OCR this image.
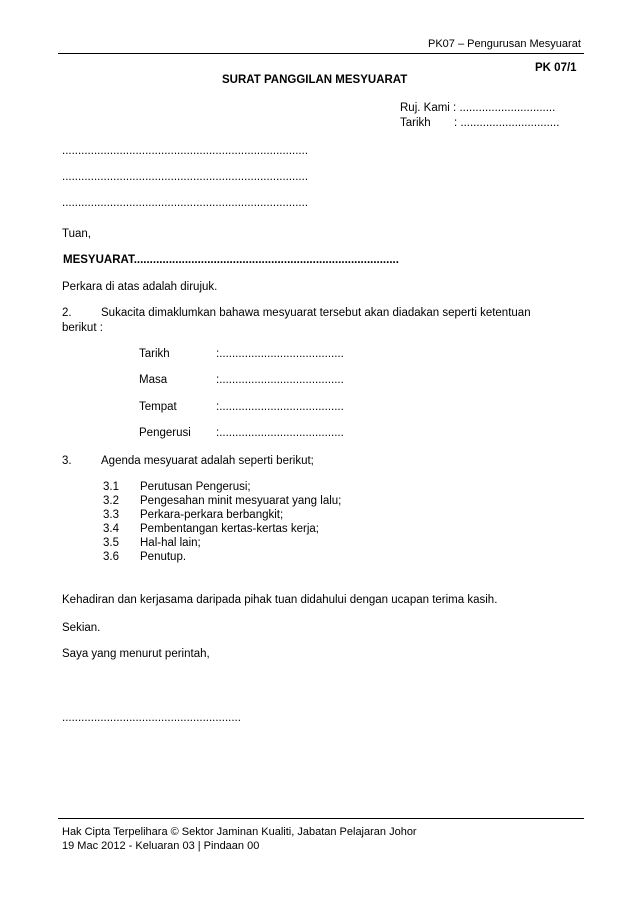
PK07 – Pengurusan Mesyuarat
PK 07/1
SURAT PANGGILAN MESYUARAT
Ruj. Kami : ..............................
Tarikh : ...............................
.............................................................................
.............................................................................
.............................................................................
Tuan,
MESYUARAT...................................................................................
Perkara di atas adalah dirujuk.
2.	Sukacita dimaklumkan bahawa mesyuarat tersebut akan diadakan seperti ketentuan
berikut :
Tarikh	:.......................................
Masa	:.......................................
Tempat	:.......................................
Pengerusi :.......................................
3.	Agenda mesyuarat adalah seperti berikut;
3.1 Perutusan Pengerusi;
3.2 Pengesahan minit mesyuarat yang lalu;
3.3 Perkara-perkara berbangkit;
3.4 Pembentangan kertas-kertas kerja;
3.5 Hal-hal lain;
3.6 Penutup.
Kehadiran dan kerjasama daripada pihak tuan didahului dengan ucapan terima kasih.
Sekian.
Saya yang menurut perintah,
........................................................
Hak Cipta Terpelihara © Sektor Jaminan Kualiti, Jabatan Pelajaran Johor
19 Mac 2012 - Keluaran 03 | Pindaan 00
